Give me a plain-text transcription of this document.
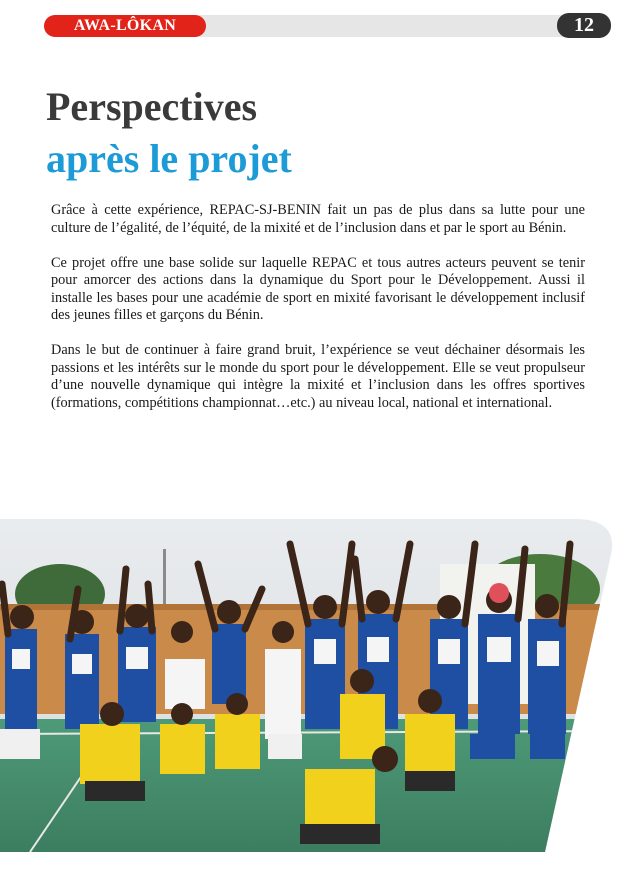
AWA-LÔKAN	12
Perspectives
après le projet

Grâce à cette expérience, REPAC-SJ-BENIN fait un pas de plus dans sa lutte pour une culture de l’égalité, de l’équité, de la mixité et de l’inclusion dans et par le sport au Bénin.

Ce projet offre une base solide sur laquelle REPAC et tous autres acteurs peuvent se tenir pour amorcer des actions dans la dynamique du Sport pour le Développement. Aussi il installe les bases pour une académie de sport en mixité favorisant le développement inclusif des jeunes filles et garçons du Bénin.

Dans le but de continuer à faire grand bruit, l’expérience se veut déchainer désormais les passions et les intérêts sur le monde du sport pour le développement. Elle se veut propulseur d’une nouvelle dynamique qui intègre la mixité et l’inclusion dans les offres sportives (formations, compétitions championnat…etc.) au niveau local, national et international.
